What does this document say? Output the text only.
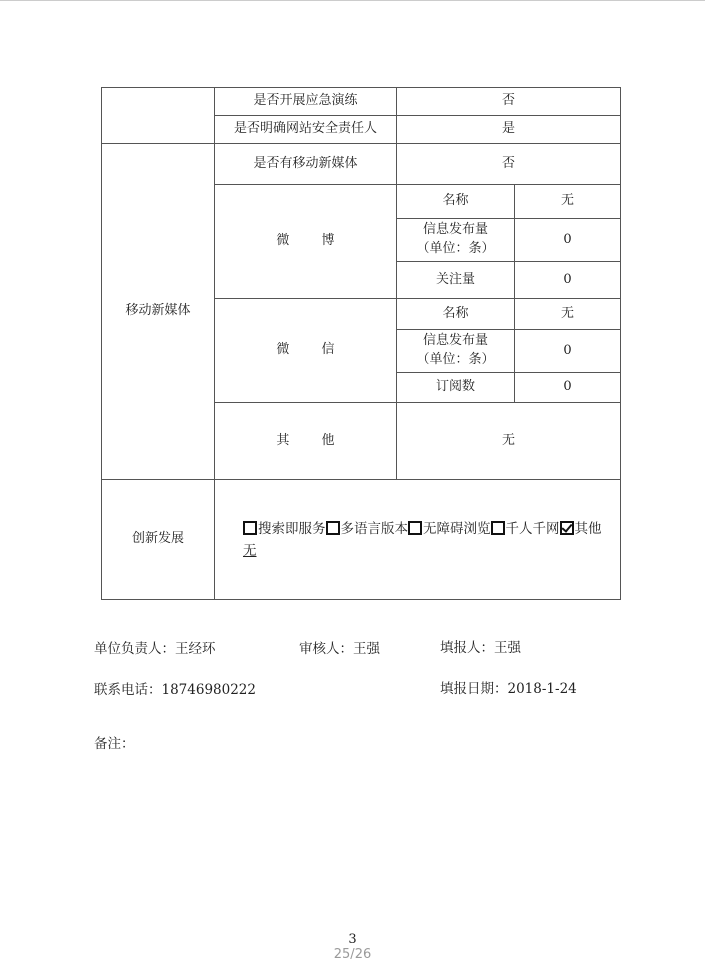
	是否开展应急演练	否	
	是否明确网站安全责任人	是	
移动新媒体	是否有移动新媒体	否	
	微 博	名称	无
		信息发布量
（单位：条）	0
		关注量	0
	微 信	名称	无
		信息发布量
（单位：条）	0
		订阅数	0
	其 他	无	
创新发展	搜索即服务 多语言版本 无障碍浏览 千人千网 其他
无		
单位负责人：王经环	审核人：王强	填报人：王强
联系电话：18746980222	填报日期：2018-1-24
备注：
3
25/26
